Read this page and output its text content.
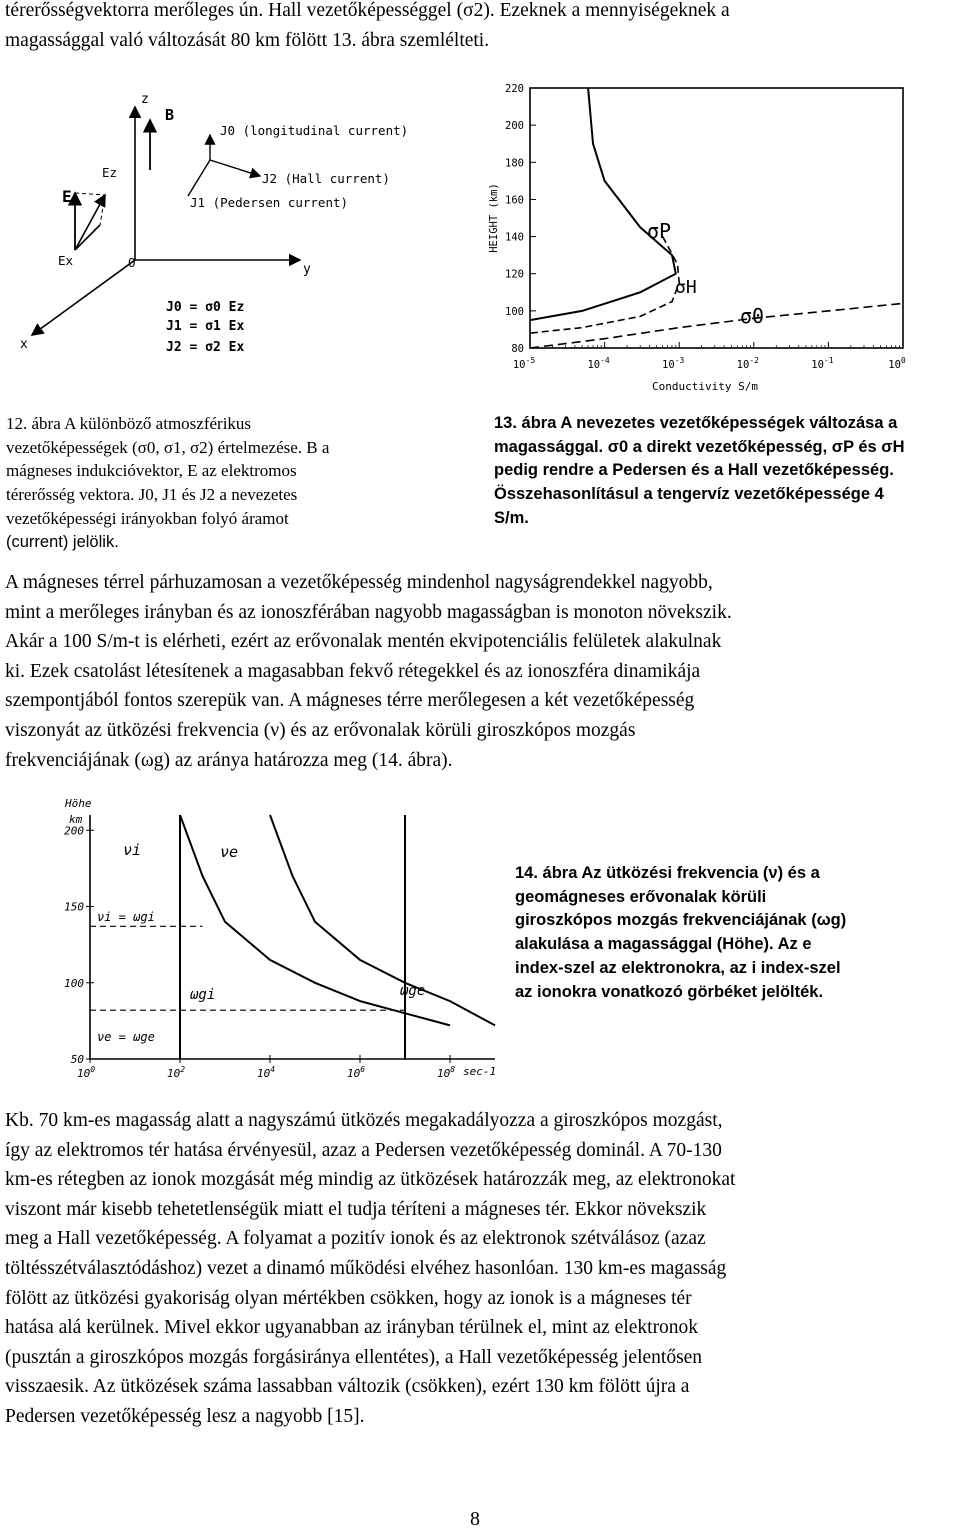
térerősségvektorra merőleges ún. Hall vezetőképességgel (σ2). Ezeknek a mennyiségeknek a
magassággal való változását 80 km fölött 13. ábra szemlélteti.
z
B
J0 (longitudinal current)
Ez	J2 (Hall current)
J1 (Pedersen current)
E
Ex	O	y
x
J0 = σ0 Ez
J1 = σ1 Ex
J2 = σ2 Ex	80
100
120
140
160
180
200
220
$10^{-5}$	$10^{-4}$	$10^{-3}$	$10^{-2}$	$10^{-1}$	$10^0$
HEIGHT (km)
Conductivity S/m
σP
σH
σ0
12. ábra A különböző atmoszférikus
vezetőképességek (σ0, σ1, σ2) értelmezése. B a
mágneses indukcióvektor, E az elektromos
térerősség vektora. J0, J1 és J2 a nevezetes
vezetőképességi irányokban folyó áramot
(current) jelölik.
13. ábra A nevezetes vezetőképességek változása a
magassággal. σ0 a direkt vezetőképesség, σP és σH
pedig rendre a Pedersen és a Hall vezetőképesség.
Összehasonlításul a tengervíz vezetőképessége 4
S/m.
A mágneses térrel párhuzamosan a vezetőképesség mindenhol nagyságrendekkel nagyobb,
mint a merőleges irányban és az ionoszférában nagyobb magasságban is monoton növekszik.
Akár a 100 S/m-t is elérheti, ezért az erővonalak mentén ekvipotenciális felületek alakulnak
ki. Ezek csatolást létesítenek a magasabban fekvő rétegekkel és az ionoszféra dinamikája
szempontjából fontos szerepük van. A mágneses térre merőlegesen a két vezetőképesség
viszonyát az ütközési frekvencia (ν) és az erővonalak körüli giroszkópos mozgás
frekvenciájának (ωg) az aránya határozza meg (14. ábra).
Höhe
km
50
100
150
200
$10^0$	$10^2$	$10^4$	$10^6$	$10^8$ sec-1
νi	νe
νi = ωgi
νe = ωge
ωgi	ωge
14. ábra Az ütközési frekvencia (ν) és a
geomágneses erővonalak körüli
giroszkópos mozgás frekvenciájának (ωg)
alakulása a magassággal (Höhe). Az e
index-szel az elektronokra, az i index-szel
az ionokra vonatkozó görbéket jelölték.
Kb. 70 km-es magasság alatt a nagyszámú ütközés megakadályozza a giroszkópos mozgást,
így az elektromos tér hatása érvényesül, azaz a Pedersen vezetőképesség dominál. A 70-130
km-es rétegben az ionok mozgását még mindig az ütközések határozzák meg, az elektronokat
viszont már kisebb tehetetlenségük miatt el tudja téríteni a mágneses tér. Ekkor növekszik
meg a Hall vezetőképesség. A folyamat a pozitív ionok és az elektronok szétválásoz (azaz
töltésszétválasztódáshoz) vezet a dinamó működési elvéhez hasonlóan. 130 km-es magasság
fölött az ütközési gyakoriság olyan mértékben csökken, hogy az ionok is a mágneses tér
hatása alá kerülnek. Mivel ekkor ugyanabban az irányban térülnek el, mint az elektronok
(pusztán a giroszkópos mozgás forgásiránya ellentétes), a Hall vezetőképesség jelentősen
visszaesik. Az ütközések száma lassabban változik (csökken), ezért 130 km fölött újra a
Pedersen vezetőképesség lesz a nagyobb [15].
8
